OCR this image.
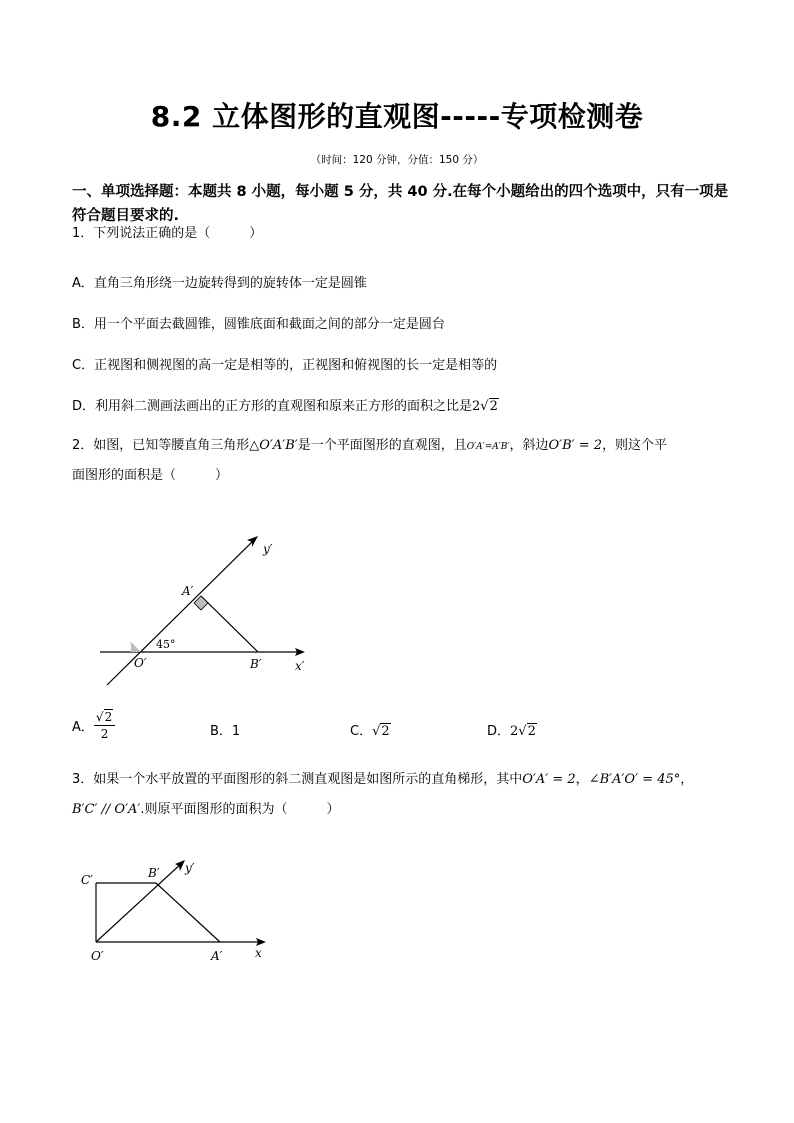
8.2 立体图形的直观图-----专项检测卷
（时间：120 分钟，分值：150 分）
一、单项选择题：本题共 8 小题，每小题 5 分，共 40 分.在每个小题给出的四个选项中，只有一项是符合题目要求的.
1．下列说法正确的是（　　　）
A．直角三角形绕一边旋转得到的旋转体一定是圆锥
B．用一个平面去截圆锥，圆锥底面和截面之间的部分一定是圆台
C．正视图和侧视图的高一定是相等的，正视图和俯视图的长一定是相等的
D．利用斜二测画法画出的正方形的直观图和原来正方形的面积之比是2√2
2．如图，已知等腰直角三角形△O′A′B′是一个平面图形的直观图，且O′A′=A′B′，斜边O′B′ = 2，则这个平
面图形的面积是（　　　）
y′
x′
A′
O′	B′
45°
A． $\frac{√2}{2}$	B．1	C．√2	D．2√2
3．如果一个水平放置的平面图形的斜二测直观图是如图所示的直角梯形，其中O′A′ = 2，∠B′A′O′ = 45°，
B′C′ // O′A′.则原平面图形的面积为（　　　）
C′	B′ y′
O′	A′	x
